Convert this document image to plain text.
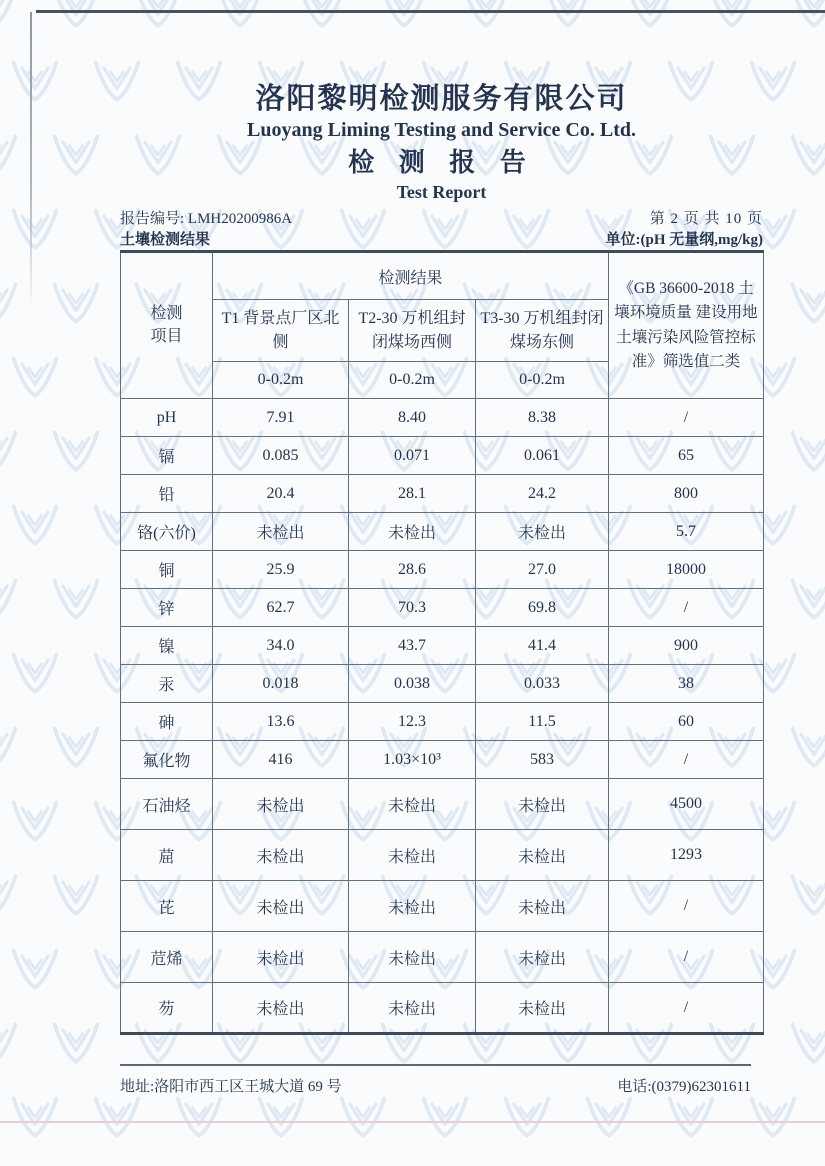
洛阳黎明检测服务有限公司
Luoyang Liming Testing and Service Co. Ltd.
检 测 报 告
Test Report
报告编号: LMH20200986A	第 2 页 共 10 页
土壤检测结果	单位:(pH 无量纲,mg/kg)
检测项目	检测结果			《GB 36600-2018 土壤环境质量 建设用地土壤污染风险管控标准》筛选值二类
	T1 背景点厂区北侧	T2-30 万机组封闭煤场西侧	T3-30 万机组封闭煤场东侧	
	0-0.2m	0-0.2m	0-0.2m	
pH	7.91	8.40	8.38	/
镉	0.085	0.071	0.061	65
铅	20.4	28.1	24.2	800
铬(六价)	未检出	未检出	未检出	5.7
铜	25.9	28.6	27.0	18000
锌	62.7	70.3	69.8	/
镍	34.0	43.7	41.4	900
汞	0.018	0.038	0.033	38
砷	13.6	12.3	11.5	60
氟化物	416	1.03×10³	583	/
石油烃	未检出	未检出	未检出	4500
䓛	未检出	未检出	未检出	1293
芘	未检出	未检出	未检出	/
苊烯	未检出	未检出	未检出	/
芴	未检出	未检出	未检出	/
地址:洛阳市西工区王城大道 69 号	电话:(0379)62301611
